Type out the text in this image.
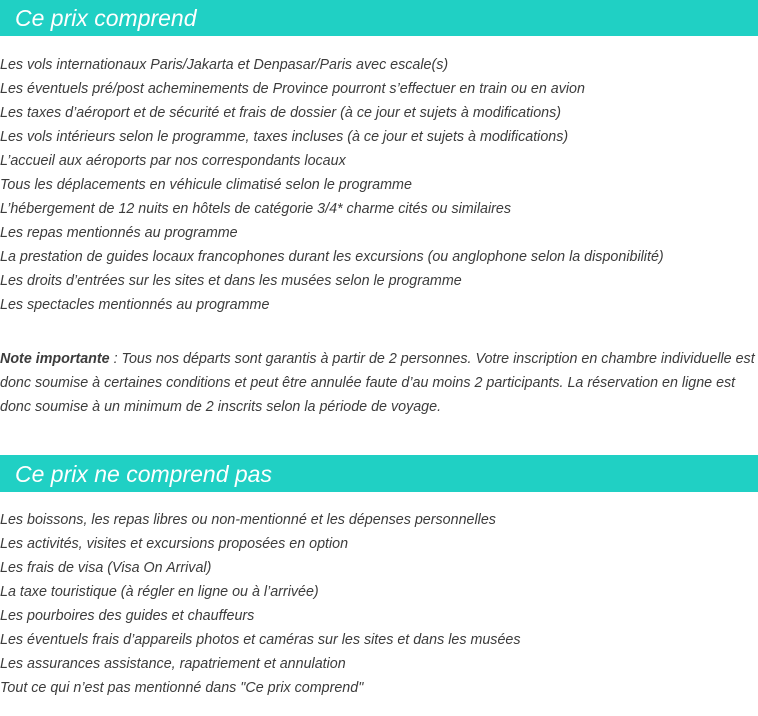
Ce prix comprend
Les vols internationaux Paris/Jakarta et Denpasar/Paris avec escale(s)
Les éventuels pré/post acheminements de Province pourront s’effectuer en train ou en avion
Les taxes d’aéroport et de sécurité et frais de dossier (à ce jour et sujets à modifications)
Les vols intérieurs selon le programme, taxes incluses (à ce jour et sujets à modifications)
L’accueil aux aéroports par nos correspondants locaux
Tous les déplacements en véhicule climatisé selon le programme
L’hébergement de 12 nuits en hôtels de catégorie 3/4* charme cités ou similaires
Les repas mentionnés au programme
La prestation de guides locaux francophones durant les excursions (ou anglophone selon la disponibilité)
Les droits d’entrées sur les sites et dans les musées selon le programme
Les spectacles mentionnés au programme

Note importante : Tous nos départs sont garantis à partir de 2 personnes. Votre inscription en chambre individuelle est donc soumise à certaines conditions et peut être annulée faute d’au moins 2 participants. La réservation en ligne est donc soumise à un minimum de 2 inscrits selon la période de voyage.

Ce prix ne comprend pas
Les boissons, les repas libres ou non-mentionné et les dépenses personnelles
Les activités, visites et excursions proposées en option
Les frais de visa (Visa On Arrival)
La taxe touristique (à régler en ligne ou à l’arrivée)
Les pourboires des guides et chauffeurs
Les éventuels frais d’appareils photos et caméras sur les sites et dans les musées
Les assurances assistance, rapatriement et annulation
Tout ce qui n’est pas mentionné dans "Ce prix comprend"
